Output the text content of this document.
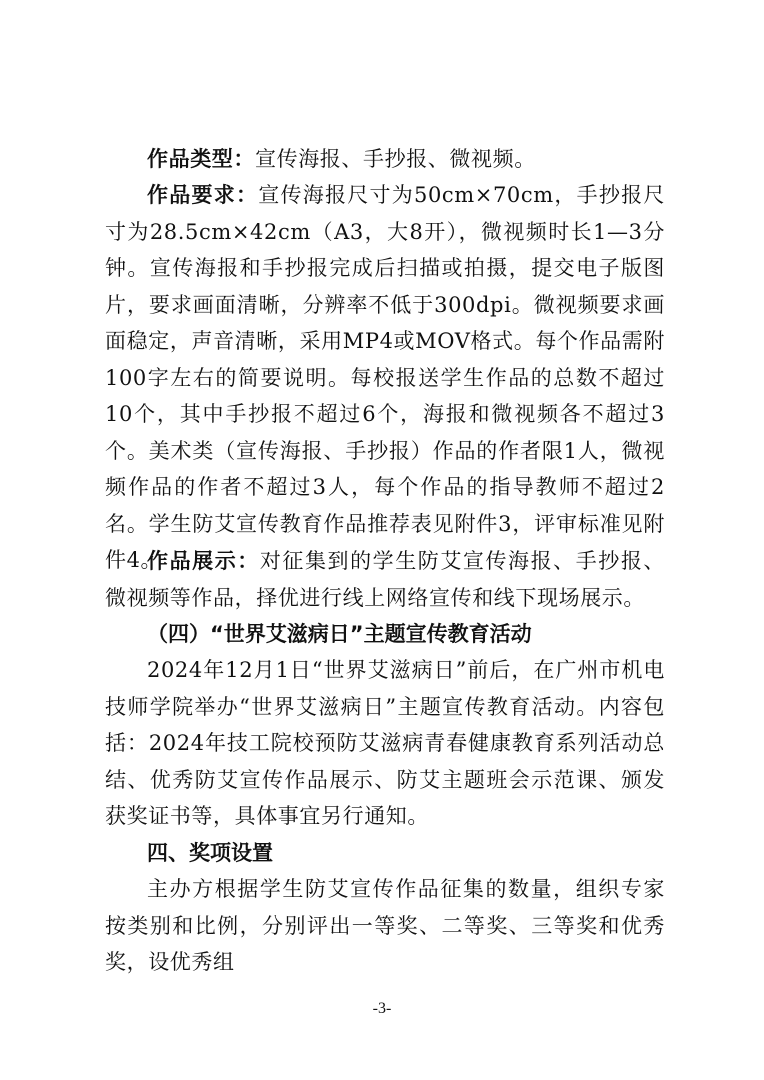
作品类型：宣传海报、手抄报、微视频。

作品要求：宣传海报尺寸为50cm×70cm，手抄报尺寸为28.5cm×42cm（A3，大8开），微视频时长1—3分钟。宣传海报和手抄报完成后扫描或拍摄，提交电子版图片，要求画面清晰，分辨率不低于300dpi。微视频要求画面稳定，声音清晰，采用MP4或MOV格式。每个作品需附100字左右的简要说明。每校报送学生作品的总数不超过10个，其中手抄报不超过6个，海报和微视频各不超过3个。美术类（宣传海报、手抄报）作品的作者限1人，微视频作品的作者不超过3人，每个作品的指导教师不超过2名。学生防艾宣传教育作品推荐表见附件3，评审标准见附件4。

作品展示：对征集到的学生防艾宣传海报、手抄报、微视频等作品，择优进行线上网络宣传和线下现场展示。

（四）“世界艾滋病日”主题宣传教育活动

2024年12月1日“世界艾滋病日”前后，在广州市机电技师学院举办“世界艾滋病日”主题宣传教育活动。内容包括：2024年技工院校预防艾滋病青春健康教育系列活动总结、优秀防艾宣传作品展示、防艾主题班会示范课、颁发获奖证书等，具体事宜另行通知。

四、奖项设置

主办方根据学生防艾宣传作品征集的数量，组织专家按类别和比例，分别评出一等奖、二等奖、三等奖和优秀奖，设优秀组

-3-
